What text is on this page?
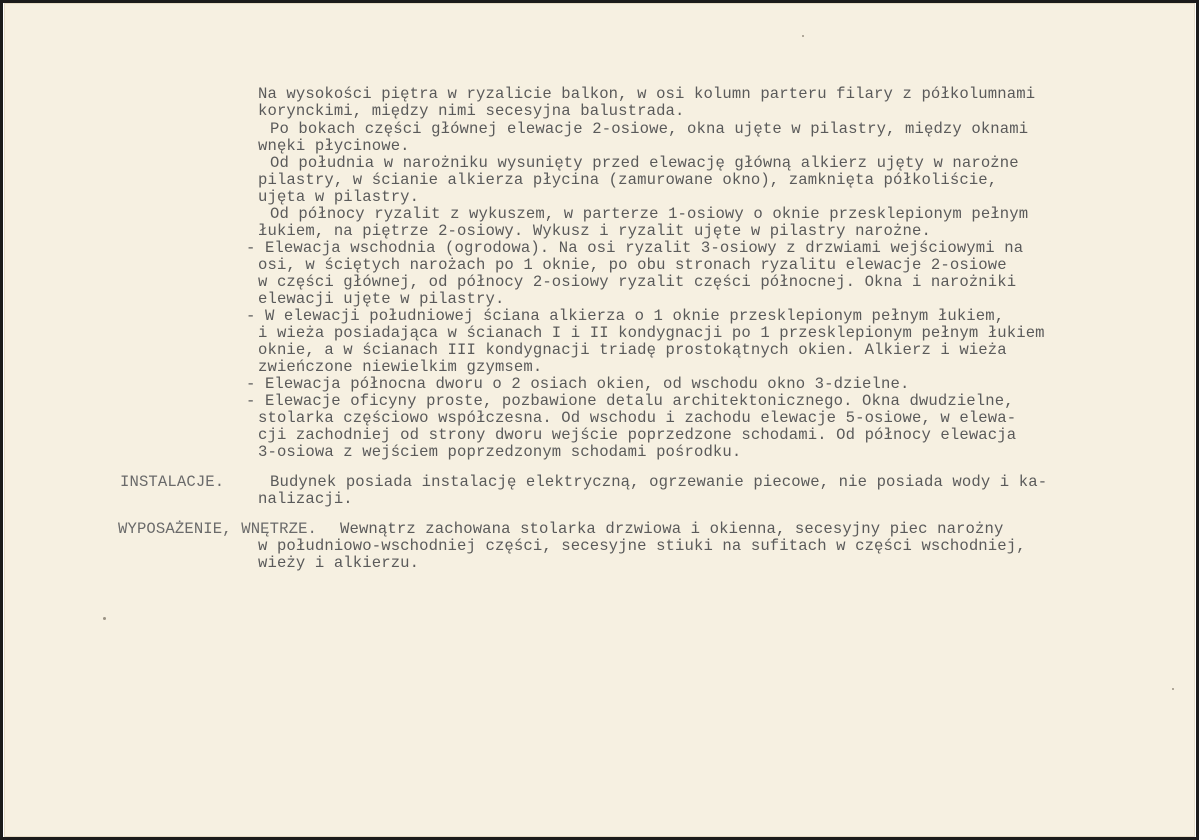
Na wysokości piętra w ryzalicie balkon, w osi kolumn parteru filary z półkolumnami
korynckimi, między nimi secesyjna balustrada.
Po bokach części głównej elewacje 2-osiowe, okna ujęte w pilastry, między oknami
wnęki płycinowe.
Od południa w narożniku wysunięty przed elewację główną alkierz ujęty w narożne
pilastry, w ścianie alkierza płycina (zamurowane okno), zamknięta półkoliście,
ujęta w pilastry.
Od północy ryzalit z wykuszem, w parterze 1-osiowy o oknie przesklepionym pełnym
łukiem, na piętrze 2-osiowy. Wykusz i ryzalit ujęte w pilastry narożne.
- Elewacja wschodnia (ogrodowa). Na osi ryzalit 3-osiowy z drzwiami wejściowymi na
osi, w ściętych narożach po 1 oknie, po obu stronach ryzalitu elewacje 2-osiowe
w części głównej, od północy 2-osiowy ryzalit części północnej. Okna i narożniki
elewacji ujęte w pilastry.
- W elewacji południowej ściana alkierza o 1 oknie przesklepionym pełnym łukiem,
i wieża posiadająca w ścianach I i II kondygnacji po 1 przesklepionym pełnym łukiem
oknie, a w ścianach III kondygnacji triadę prostokątnych okien. Alkierz i wieża
zwieńczone niewielkim gzymsem.
- Elewacja północna dworu o 2 osiach okien, od wschodu okno 3-dzielne.
- Elewacje oficyny proste, pozbawione detalu architektonicznego. Okna dwudzielne,
stolarka częściowo współczesna. Od wschodu i zachodu elewacje 5-osiowe, w elewa-
cji zachodniej od strony dworu wejście poprzedzone schodami. Od północy elewacja
3-osiowa z wejściem poprzedzonym schodami pośrodku.
INSTALACJE.	Budynek posiada instalację elektryczną, ogrzewanie piecowe, nie posiada wody i ka-
nalizacji.
WYPOSAŻENIE, WNĘTRZE. Wewnątrz zachowana stolarka drzwiowa i okienna, secesyjny piec narożny
w południowo-wschodniej części, secesyjne stiuki na sufitach w części wschodniej,
wieży i alkierzu.
